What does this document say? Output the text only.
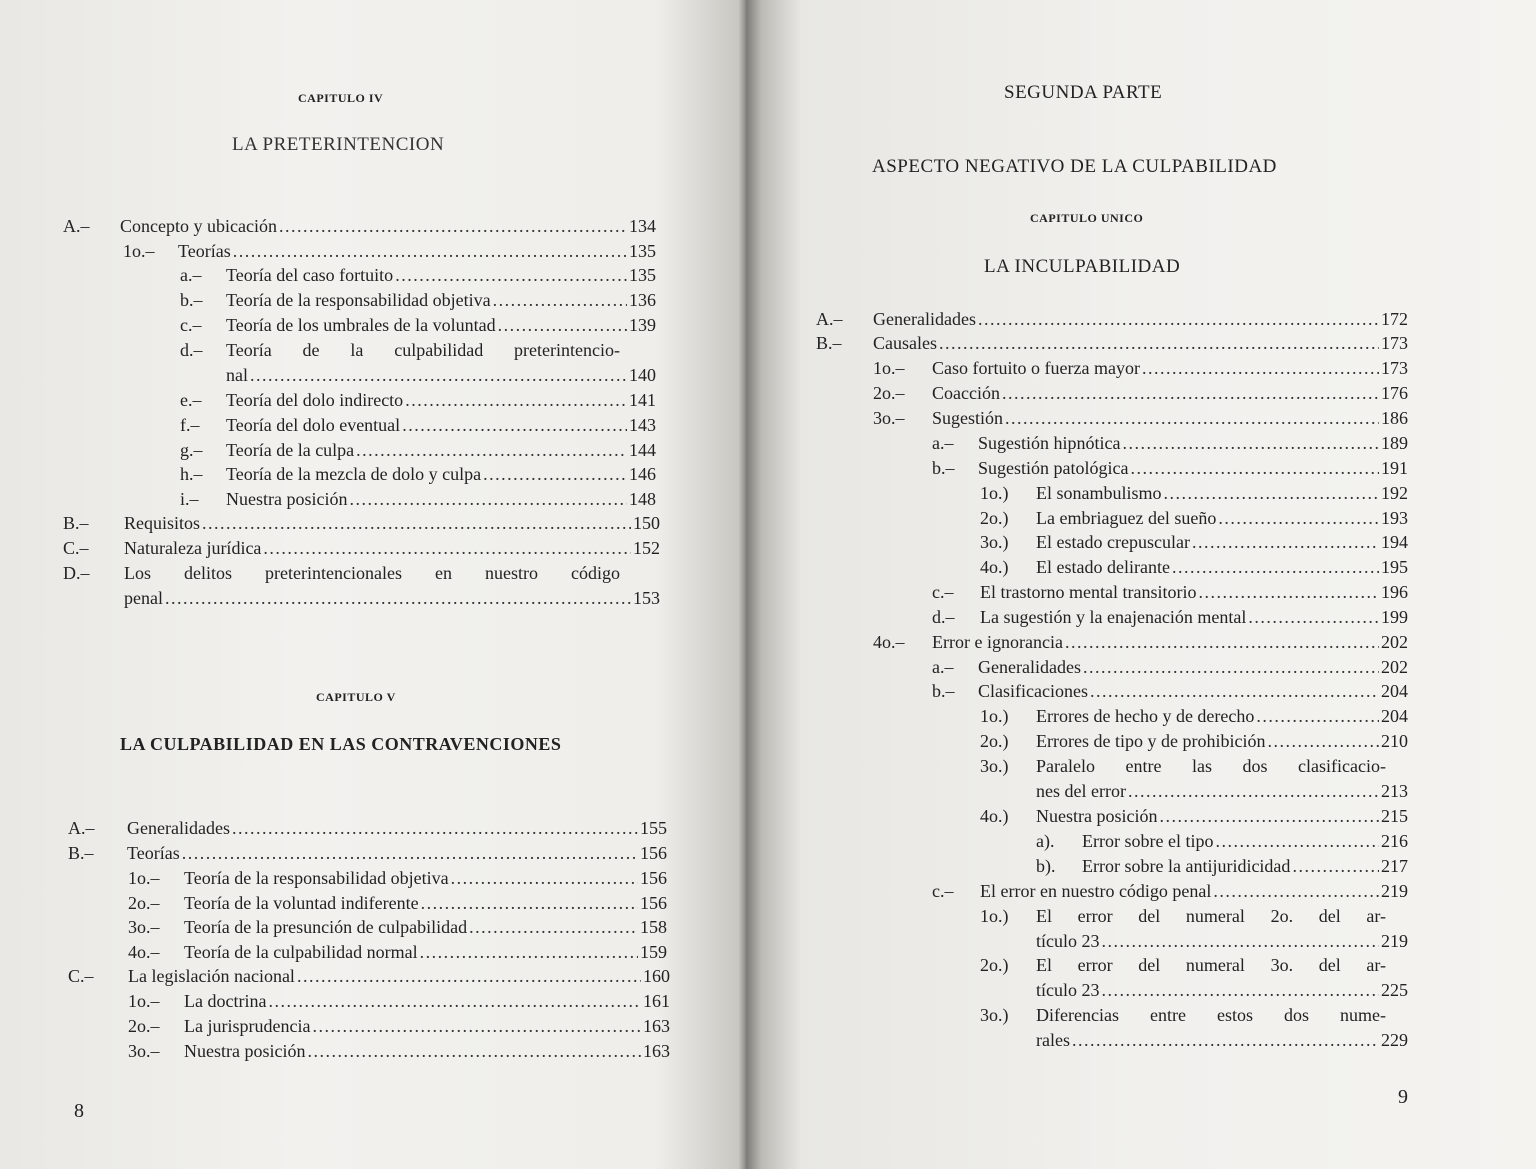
CAPITULO IV
LA PRETERINTENCION
A.–	Concepto y ubicación .....	134
1o.–	Teorías .....	135
a.–	Teoría del caso fortuito .....	135
b.–	Teoría de la responsabilidad objetiva .....	136
c.–	Teoría de los umbrales de la voluntad .....	139
d.–	Teoría de la culpabilidad preterintencio-
nal .....	140
e.–	Teoría del dolo indirecto .....	141
f.–	Teoría del dolo eventual .....	143
g.–	Teoría de la culpa .....	144
h.–	Teoría de la mezcla de dolo y culpa .....	146
i.–	Nuestra posición .....	148
B.–	Requisitos .....	150
C.–	Naturaleza jurídica .....	152
D.–	Los delitos preterintencionales en nuestro código
penal .....	153
CAPITULO V
LA CULPABILIDAD EN LAS CONTRAVENCIONES
A.–	Generalidades .....	155
B.–	Teorías .....	156
1o.–	Teoría de la responsabilidad objetiva .....	156
2o.–	Teoría de la voluntad indiferente .....	156
3o.–	Teoría de la presunción de culpabilidad .....	158
4o.–	Teoría de la culpabilidad normal .....	159
C.–	La legislación nacional .....	160
1o.–	La doctrina .....	161
2o.–	La jurisprudencia .....	163
3o.–	Nuestra posición .....	163
8
SEGUNDA PARTE
ASPECTO NEGATIVO DE LA CULPABILIDAD
CAPITULO UNICO
LA INCULPABILIDAD
A.–	Generalidades .....	172
B.–	Causales .....	173
1o.–	Caso fortuito o fuerza mayor .....	173
2o.–	Coacción .....	176
3o.–	Sugestión .....	186
a.–	Sugestión hipnótica .....	189
b.–	Sugestión patológica .....	191
1o.)	El sonambulismo .....	192
2o.)	La embriaguez del sueño .....	193
3o.)	El estado crepuscular .....	194
4o.)	El estado delirante .....	195
c.–	El trastorno mental transitorio .....	196
d.–	La sugestión y la enajenación mental .....	199
4o.–	Error e ignorancia .....	202
a.–	Generalidades .....	202
b.–	Clasificaciones .....	204
1o.)	Errores de hecho y de derecho .....	204
2o.)	Errores de tipo y de prohibición .....	210
3o.)	Paralelo entre las dos clasificacio-
nes del error .....	213
4o.)	Nuestra posición .....	215
a).	Error sobre el tipo .....	216
b).	Error sobre la antijuridicidad .....	217
c.–	El error en nuestro código penal .....	219
1o.)	El error del numeral 2o. del ar-
tículo 23 .....	219
2o.)	El error del numeral 3o. del ar-
tículo 23 .....	225
3o.)	Diferencias entre estos dos nume-
rales .....	229
9
